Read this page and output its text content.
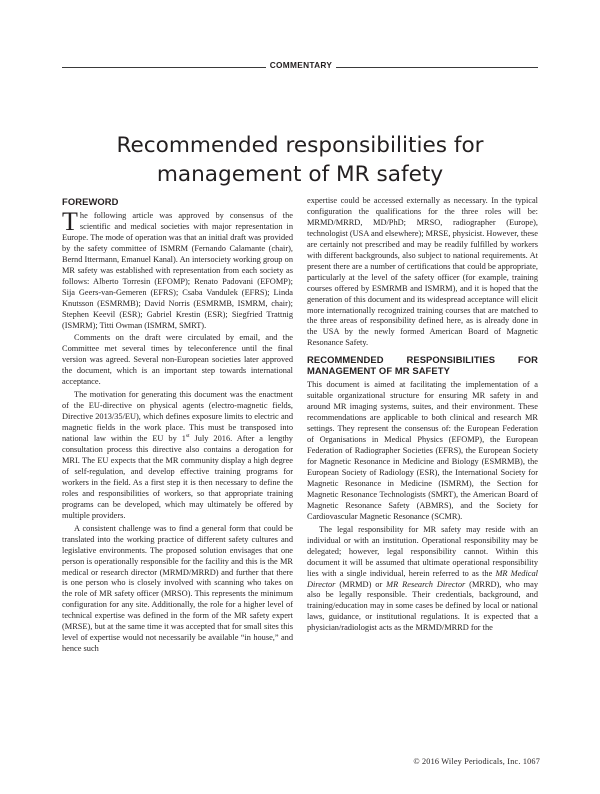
COMMENTARY
Recommended responsibilities for management of MR safety
FOREWORD

The following article was approved by consensus of the scientific and medical societies with major representation in Europe. The mode of operation was that an initial draft was provided by the safety committee of ISMRM (Fernando Calamante (chair), Bernd Ittermann, Emanuel Kanal). An intersociety working group on MR safety was established with representation from each society as follows: Alberto Torresin (EFOMP); Renato Padovani (EFOMP); Sija Geers-van-Gemeren (EFRS); Csaba Vandulek (EFRS); Linda Knutsson (ESMRMB); David Norris (ESMRMB, ISMRM, chair); Stephen Keevil (ESR); Gabriel Krestin (ESR); Siegfried Trattnig (ISMRM); Titti Owman (ISMRM, SMRT).

Comments on the draft were circulated by email, and the Committee met several times by teleconference until the final version was agreed. Several non-European societies later approved the document, which is an important step towards international acceptance.

The motivation for generating this document was the enactment of the EU-directive on physical agents (electro-magnetic fields, Directive 2013/35/EU), which defines exposure limits to electric and magnetic fields in the work place. This must be transposed into national law within the EU by 1st July 2016. After a lengthy consultation process this directive also contains a derogation for MRI. The EU expects that the MR community display a high degree of self-regulation, and develop effective training programs for workers in the field. As a first step it is then necessary to define the roles and responsibilities of workers, so that appropriate training programs can be developed, which may ultimately be offered by multiple providers.

A consistent challenge was to find a general form that could be translated into the working practice of different safety cultures and legislative environments. The proposed solution envisages that one person is operationally responsible for the facility and this is the MR medical or research director (MRMD/MRRD) and further that there is one person who is closely involved with scanning who takes on the role of MR safety officer (MRSO). This represents the minimum configuration for any site. Additionally, the role for a higher level of technical expertise was defined in the form of the MR safety expert (MRSE), but at the same time it was accepted that for small sites this level of expertise would not necessarily be available “in house,” and hence such

expertise could be accessed externally as necessary. In the typical configuration the qualifications for the three roles will be: MRMD/MRRD, MD/PhD; MRSO, radiographer (Europe), technologist (USA and elsewhere); MRSE, physicist. However, these are certainly not prescribed and may be readily fulfilled by workers with different backgrounds, also subject to national requirements. At present there are a number of certifications that could be appropriate, particularly at the level of the safety officer (for example, training courses offered by ESMRMB and ISMRM), and it is hoped that the generation of this document and its widespread acceptance will elicit more internationally recognized training courses that are matched to the three areas of responsibility defined here, as is already done in the USA by the newly formed American Board of Magnetic Resonance Safety.

RECOMMENDED RESPONSIBILITIES FOR MANAGEMENT OF MR SAFETY

This document is aimed at facilitating the implementation of a suitable organizational structure for ensuring MR safety in and around MR imaging systems, suites, and their environment. These recommendations are applicable to both clinical and research MR settings. They represent the consensus of: the European Federation of Organisations in Medical Physics (EFOMP), the European Federation of Radiographer Societies (EFRS), the European Society for Magnetic Resonance in Medicine and Biology (ESMRMB), the European Society of Radiology (ESR), the International Society for Magnetic Resonance in Medicine (ISMRM), the Section for Magnetic Resonance Technologists (SMRT), the American Board of Magnetic Resonance Safety (ABMRS), and the Society for Cardiovascular Magnetic Resonance (SCMR).

The legal responsibility for MR safety may reside with an individual or with an institution. Operational responsibility may be delegated; however, legal responsibility cannot. Within this document it will be assumed that ultimate operational responsibility lies with a single individual, herein referred to as the MR Medical Director (MRMD) or MR Research Director (MRRD), who may also be legally responsible. Their credentials, background, and training/education may in some cases be defined by local or national laws, guidance, or institutional regulations. It is expected that a physician/radiologist acts as the MRMD/MRRD for the

© 2016 Wiley Periodicals, Inc. 1067
